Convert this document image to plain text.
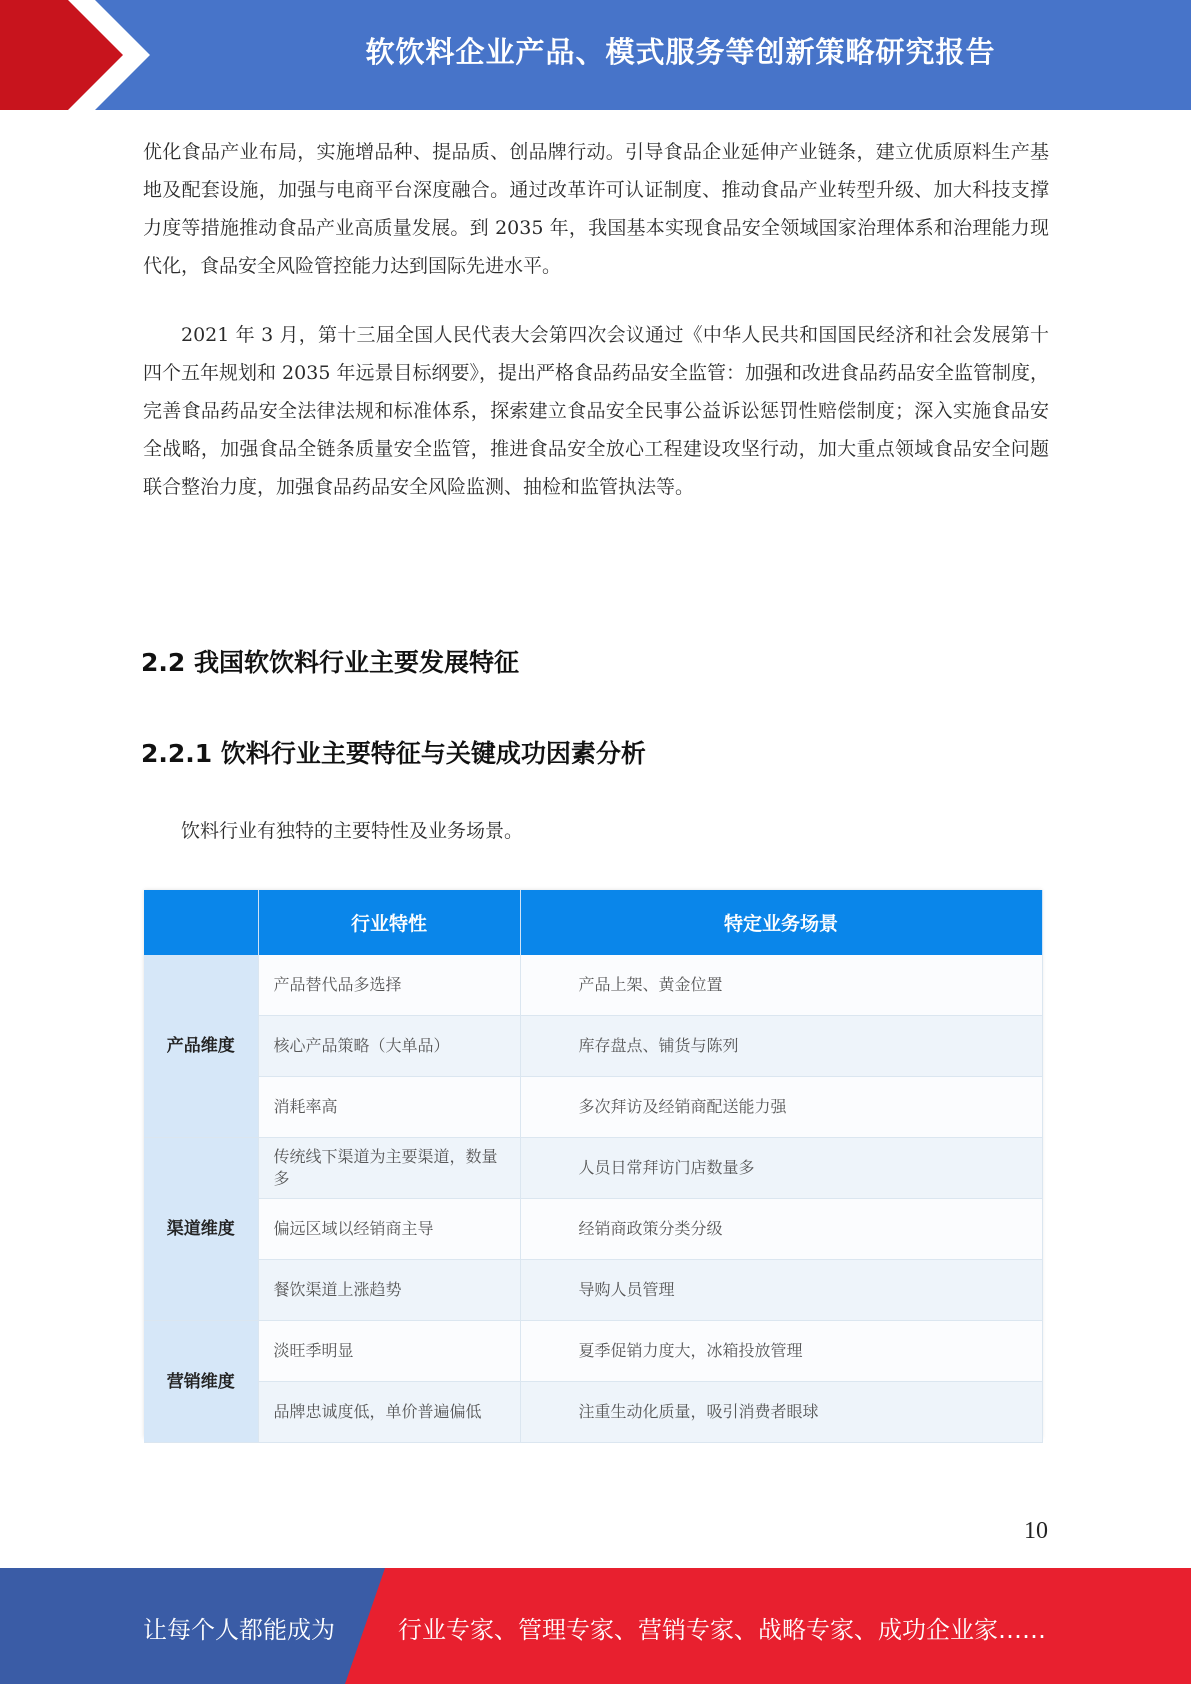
软饮料企业产品、模式服务等创新策略研究报告

优化食品产业布局，实施增品种、提品质、创品牌行动。引导食品企业延伸产业链条，建立优质原料生产基地及配套设施，加强与电商平台深度融合。通过改革许可认证制度、推动食品产业转型升级、加大科技支撑力度等措施推动食品产业高质量发展。到 2035 年，我国基本实现食品安全领域国家治理体系和治理能力现代化，食品安全风险管控能力达到国际先进水平。

2021 年 3 月，第十三届全国人民代表大会第四次会议通过《中华人民共和国国民经济和社会发展第十四个五年规划和 2035 年远景目标纲要》，提出严格食品药品安全监管：加强和改进食品药品安全监管制度，完善食品药品安全法律法规和标准体系，探索建立食品安全民事公益诉讼惩罚性赔偿制度；深入实施食品安全战略，加强食品全链条质量安全监管，推进食品安全放心工程建设攻坚行动，加大重点领域食品安全问题联合整治力度，加强食品药品安全风险监测、抽检和监管执法等。

2.2 我国软饮料行业主要发展特征
2.2.1 饮料行业主要特征与关键成功因素分析

饮料行业有独特的主要特性及业务场景。

	行业特性	特定业务场景
产品维度	产品替代品多选择	产品上架、黄金位置
	核心产品策略（大单品）	库存盘点、铺货与陈列
	消耗率高	多次拜访及经销商配送能力强
渠道维度	传统线下渠道为主要渠道，数量多	人员日常拜访门店数量多
	偏远区域以经销商主导	经销商政策分类分级
	餐饮渠道上涨趋势	导购人员管理
营销维度	淡旺季明显	夏季促销力度大，冰箱投放管理
	品牌忠诚度低，单价普遍偏低	注重生动化质量，吸引消费者眼球
10
让每个人都能成为	行业专家、管理专家、营销专家、战略专家、成功企业家……
